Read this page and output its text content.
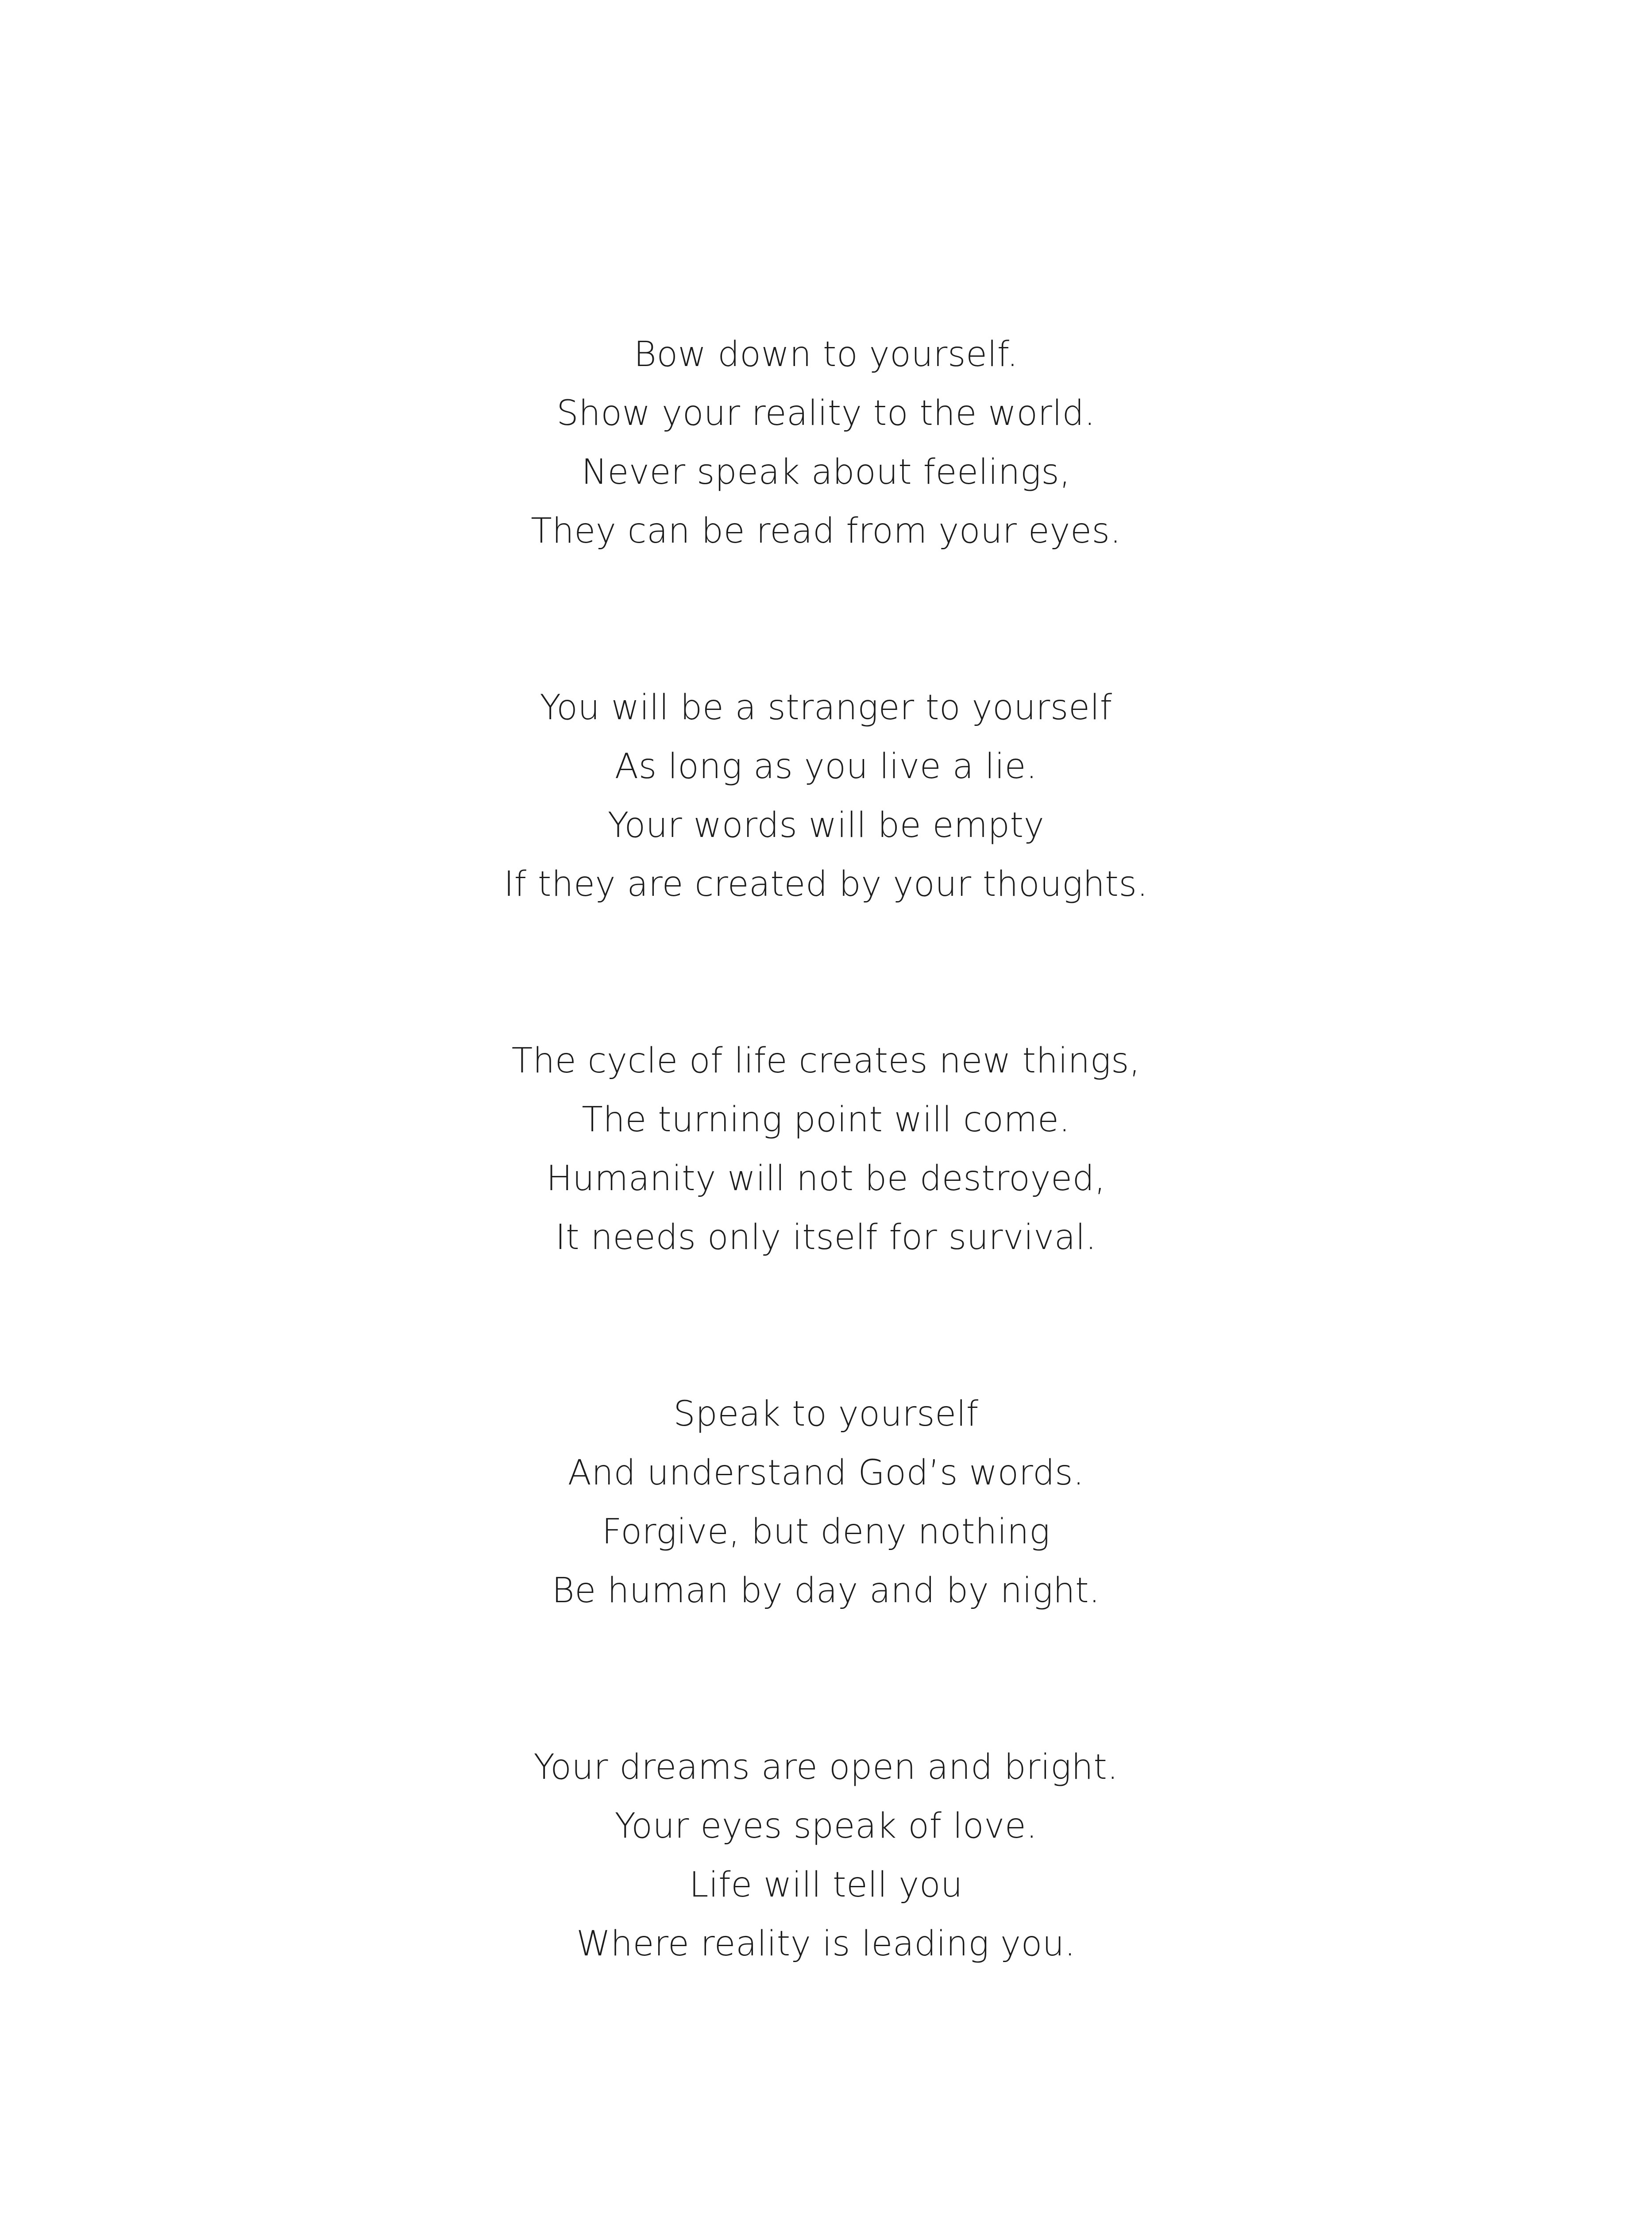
Bow down to yourself.
Show your reality to the world.
Never speak about feelings,
They can be read from your eyes.
You will be a stranger to yourself
As long as you live a lie.
Your words will be empty
If they are created by your thoughts.
The cycle of life creates new things,
The turning point will come.
Humanity will not be destroyed,
It needs only itself for survival.
Speak to yourself
And understand God’s words.
Forgive, but deny nothing
Be human by day and by night.
Your dreams are open and bright.
Your eyes speak of love.
Life will tell you
Where reality is leading you.
